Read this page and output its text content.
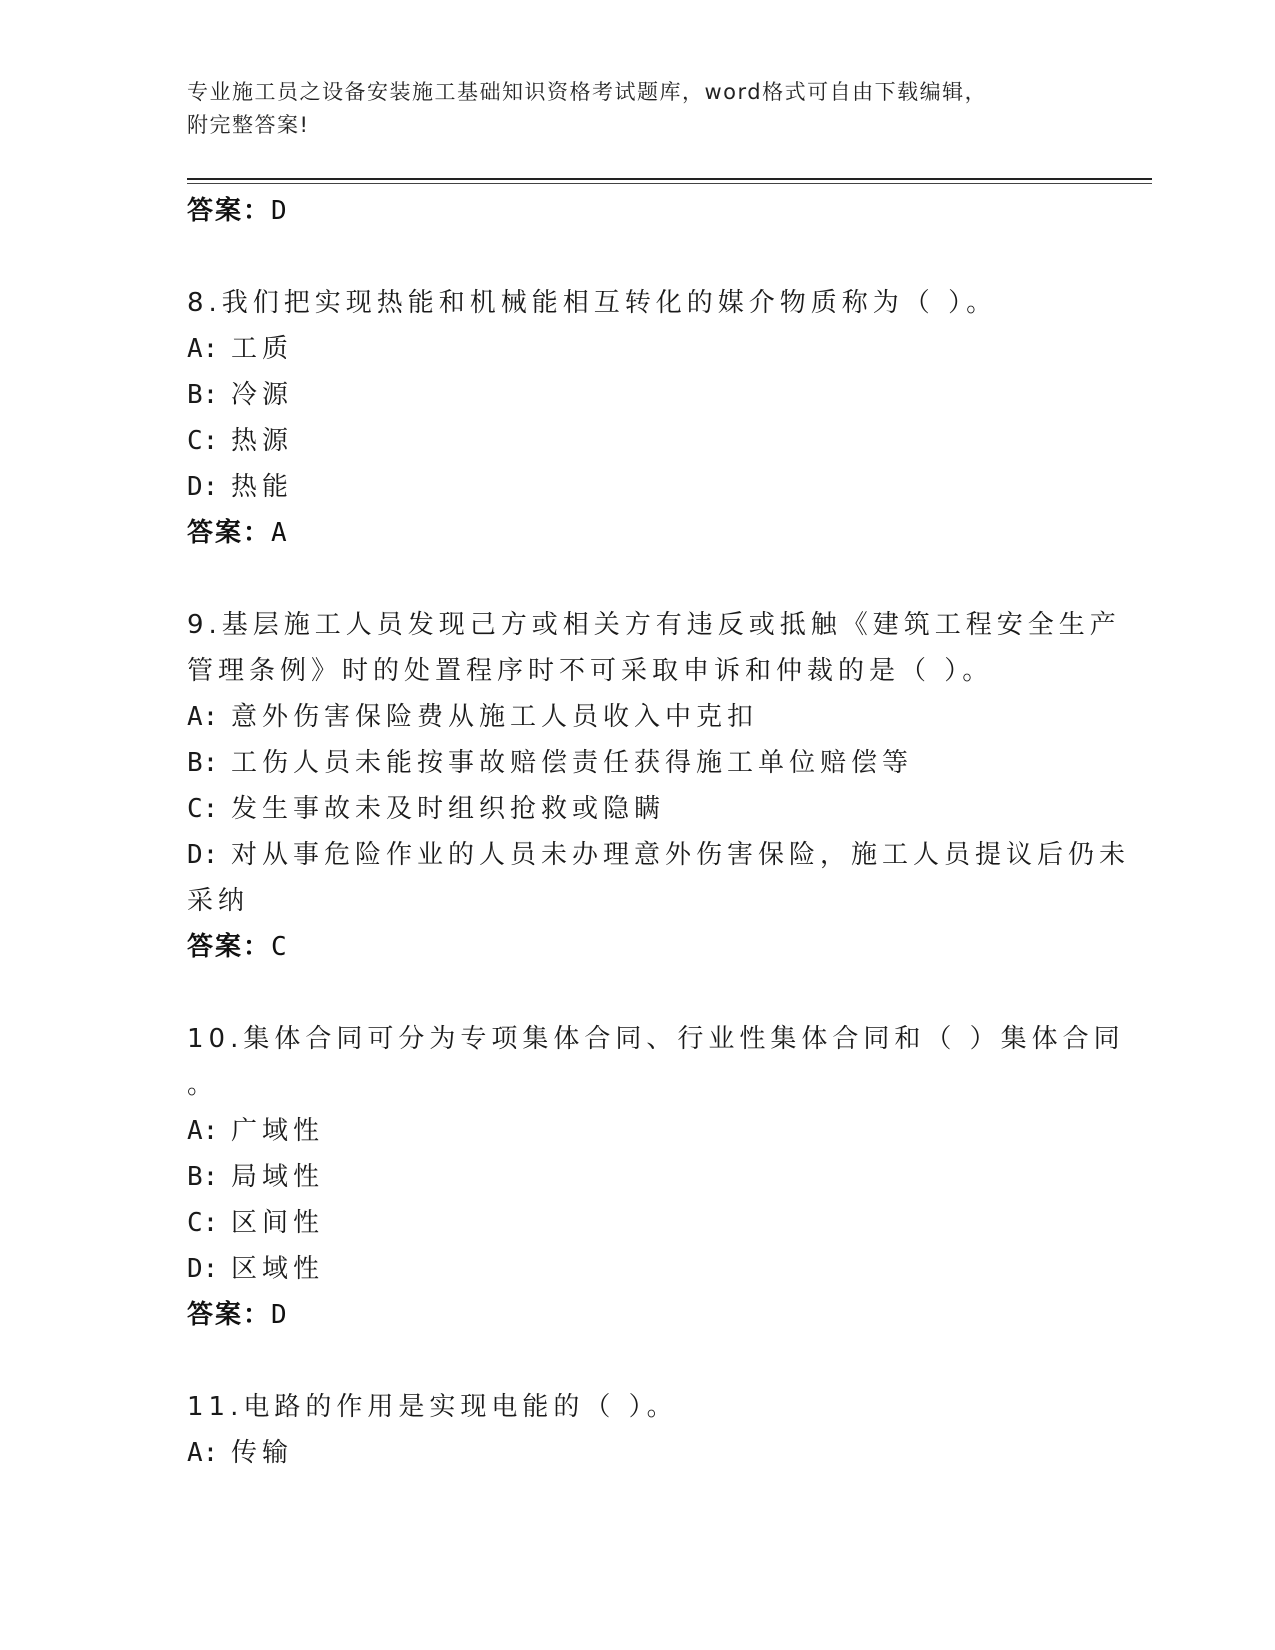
专业施工员之设备安装施工基础知识资格考试题库，word格式可自由下载编辑，
附完整答案!
答案：D
8.我们把实现热能和机械能相互转化的媒介物质称为（ ）。
A: 工质
B: 冷源
C: 热源
D: 热能
答案：A
9.基层施工人员发现己方或相关方有违反或抵触《建筑工程安全生产
管理条例》时的处置程序时不可采取申诉和仲裁的是（ ）。
A: 意外伤害保险费从施工人员收入中克扣
B: 工伤人员未能按事故赔偿责任获得施工单位赔偿等
C: 发生事故未及时组织抢救或隐瞒
D: 对从事危险作业的人员未办理意外伤害保险，施工人员提议后仍未
采纳
答案：C
10.集体合同可分为专项集体合同、行业性集体合同和（ ）集体合同
。
A: 广域性
B: 局域性
C: 区间性
D: 区域性
答案：D
11.电路的作用是实现电能的（ ）。
A: 传输
